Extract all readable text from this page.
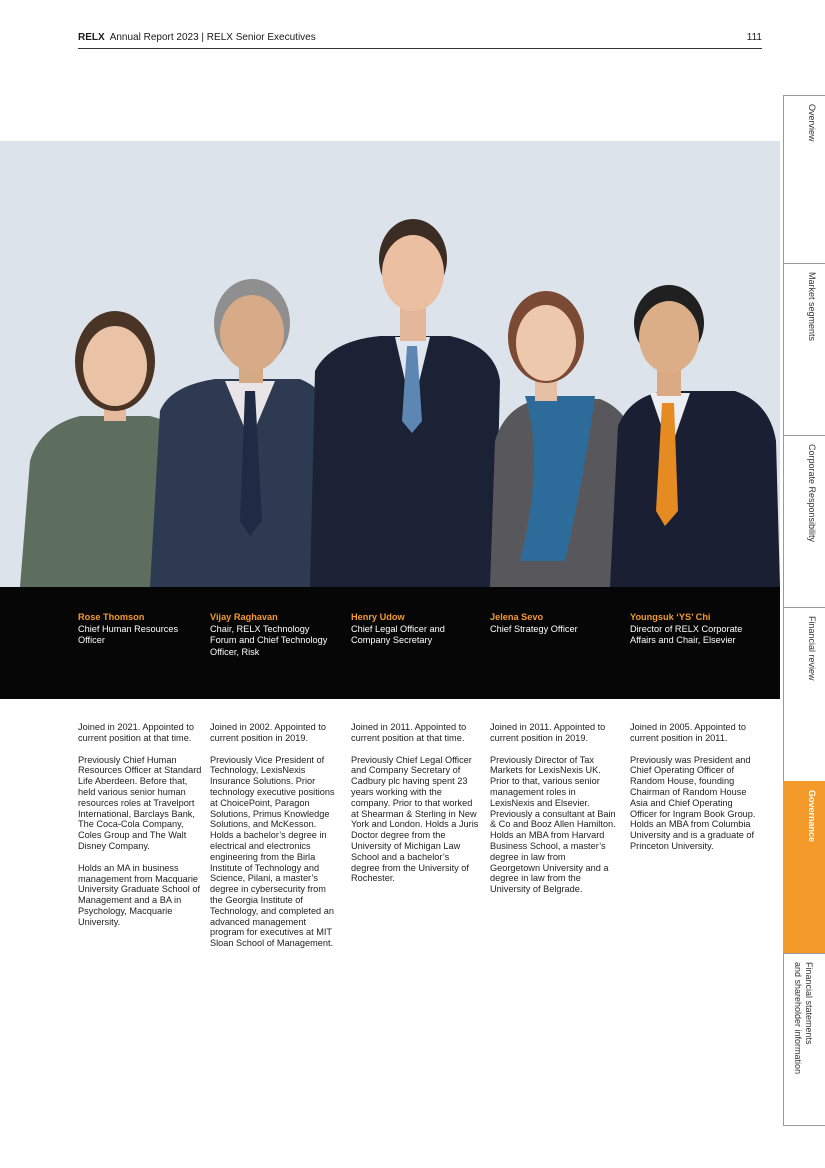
RELX Annual Report 2023 | RELX Senior Executives	111
Rose Thomson
Chief Human Resources Officer
Vijay Raghavan
Chair, RELX Technology Forum and Chief Technology Officer, Risk
Henry Udow
Chief Legal Officer and Company Secretary
Jelena Sevo
Chief Strategy Officer
Youngsuk ‘YS’ Chi
Director of RELX Corporate Affairs and Chair, Elsevier

Joined in 2021. Appointed to current position at that time.

Previously Chief Human Resources Officer at Standard Life Aberdeen. Before that, held various senior human resources roles at Travelport International, Barclays Bank, The Coca-Cola Company, Coles Group and The Walt Disney Company.

Holds an MA in business management from Macquarie University Graduate School of Management and a BA in Psychology, Macquarie University.

Joined in 2002. Appointed to current position in 2019.

Previously Vice President of Technology, LexisNexis Insurance Solutions. Prior technology executive positions at ChoicePoint, Paragon Solutions, Primus Knowledge Solutions, and McKesson. Holds a bachelor’s degree in electrical and electronics engineering from the Birla Institute of Technology and Science, Pilani, a master’s degree in cybersecurity from the Georgia Institute of Technology, and completed an advanced management program for executives at MIT Sloan School of Management.

Joined in 2011. Appointed to current position at that time.

Previously Chief Legal Officer and Company Secretary of Cadbury plc having spent 23 years working with the company. Prior to that worked at Shearman & Sterling in New York and London. Holds a Juris Doctor degree from the University of Michigan Law School and a bachelor’s degree from the University of Rochester.

Joined in 2011. Appointed to current position in 2019.

Previously Director of Tax Markets for LexisNexis UK. Prior to that, various senior management roles in LexisNexis and Elsevier. Previously a consultant at Bain & Co and Booz Allen Hamilton. Holds an MBA from Harvard Business School, a master’s degree in law from Georgetown University and a degree in law from the University of Belgrade.

Joined in 2005. Appointed to current position in 2011.

Previously was President and Chief Operating Officer of Random House, founding Chairman of Random House Asia and Chief Operating Officer for Ingram Book Group. Holds an MBA from Columbia University and is a graduate of Princeton University.

Overview
Market segments
Corporate Responsibility
Financial review
Governance
Financial statements
and shareholder information
